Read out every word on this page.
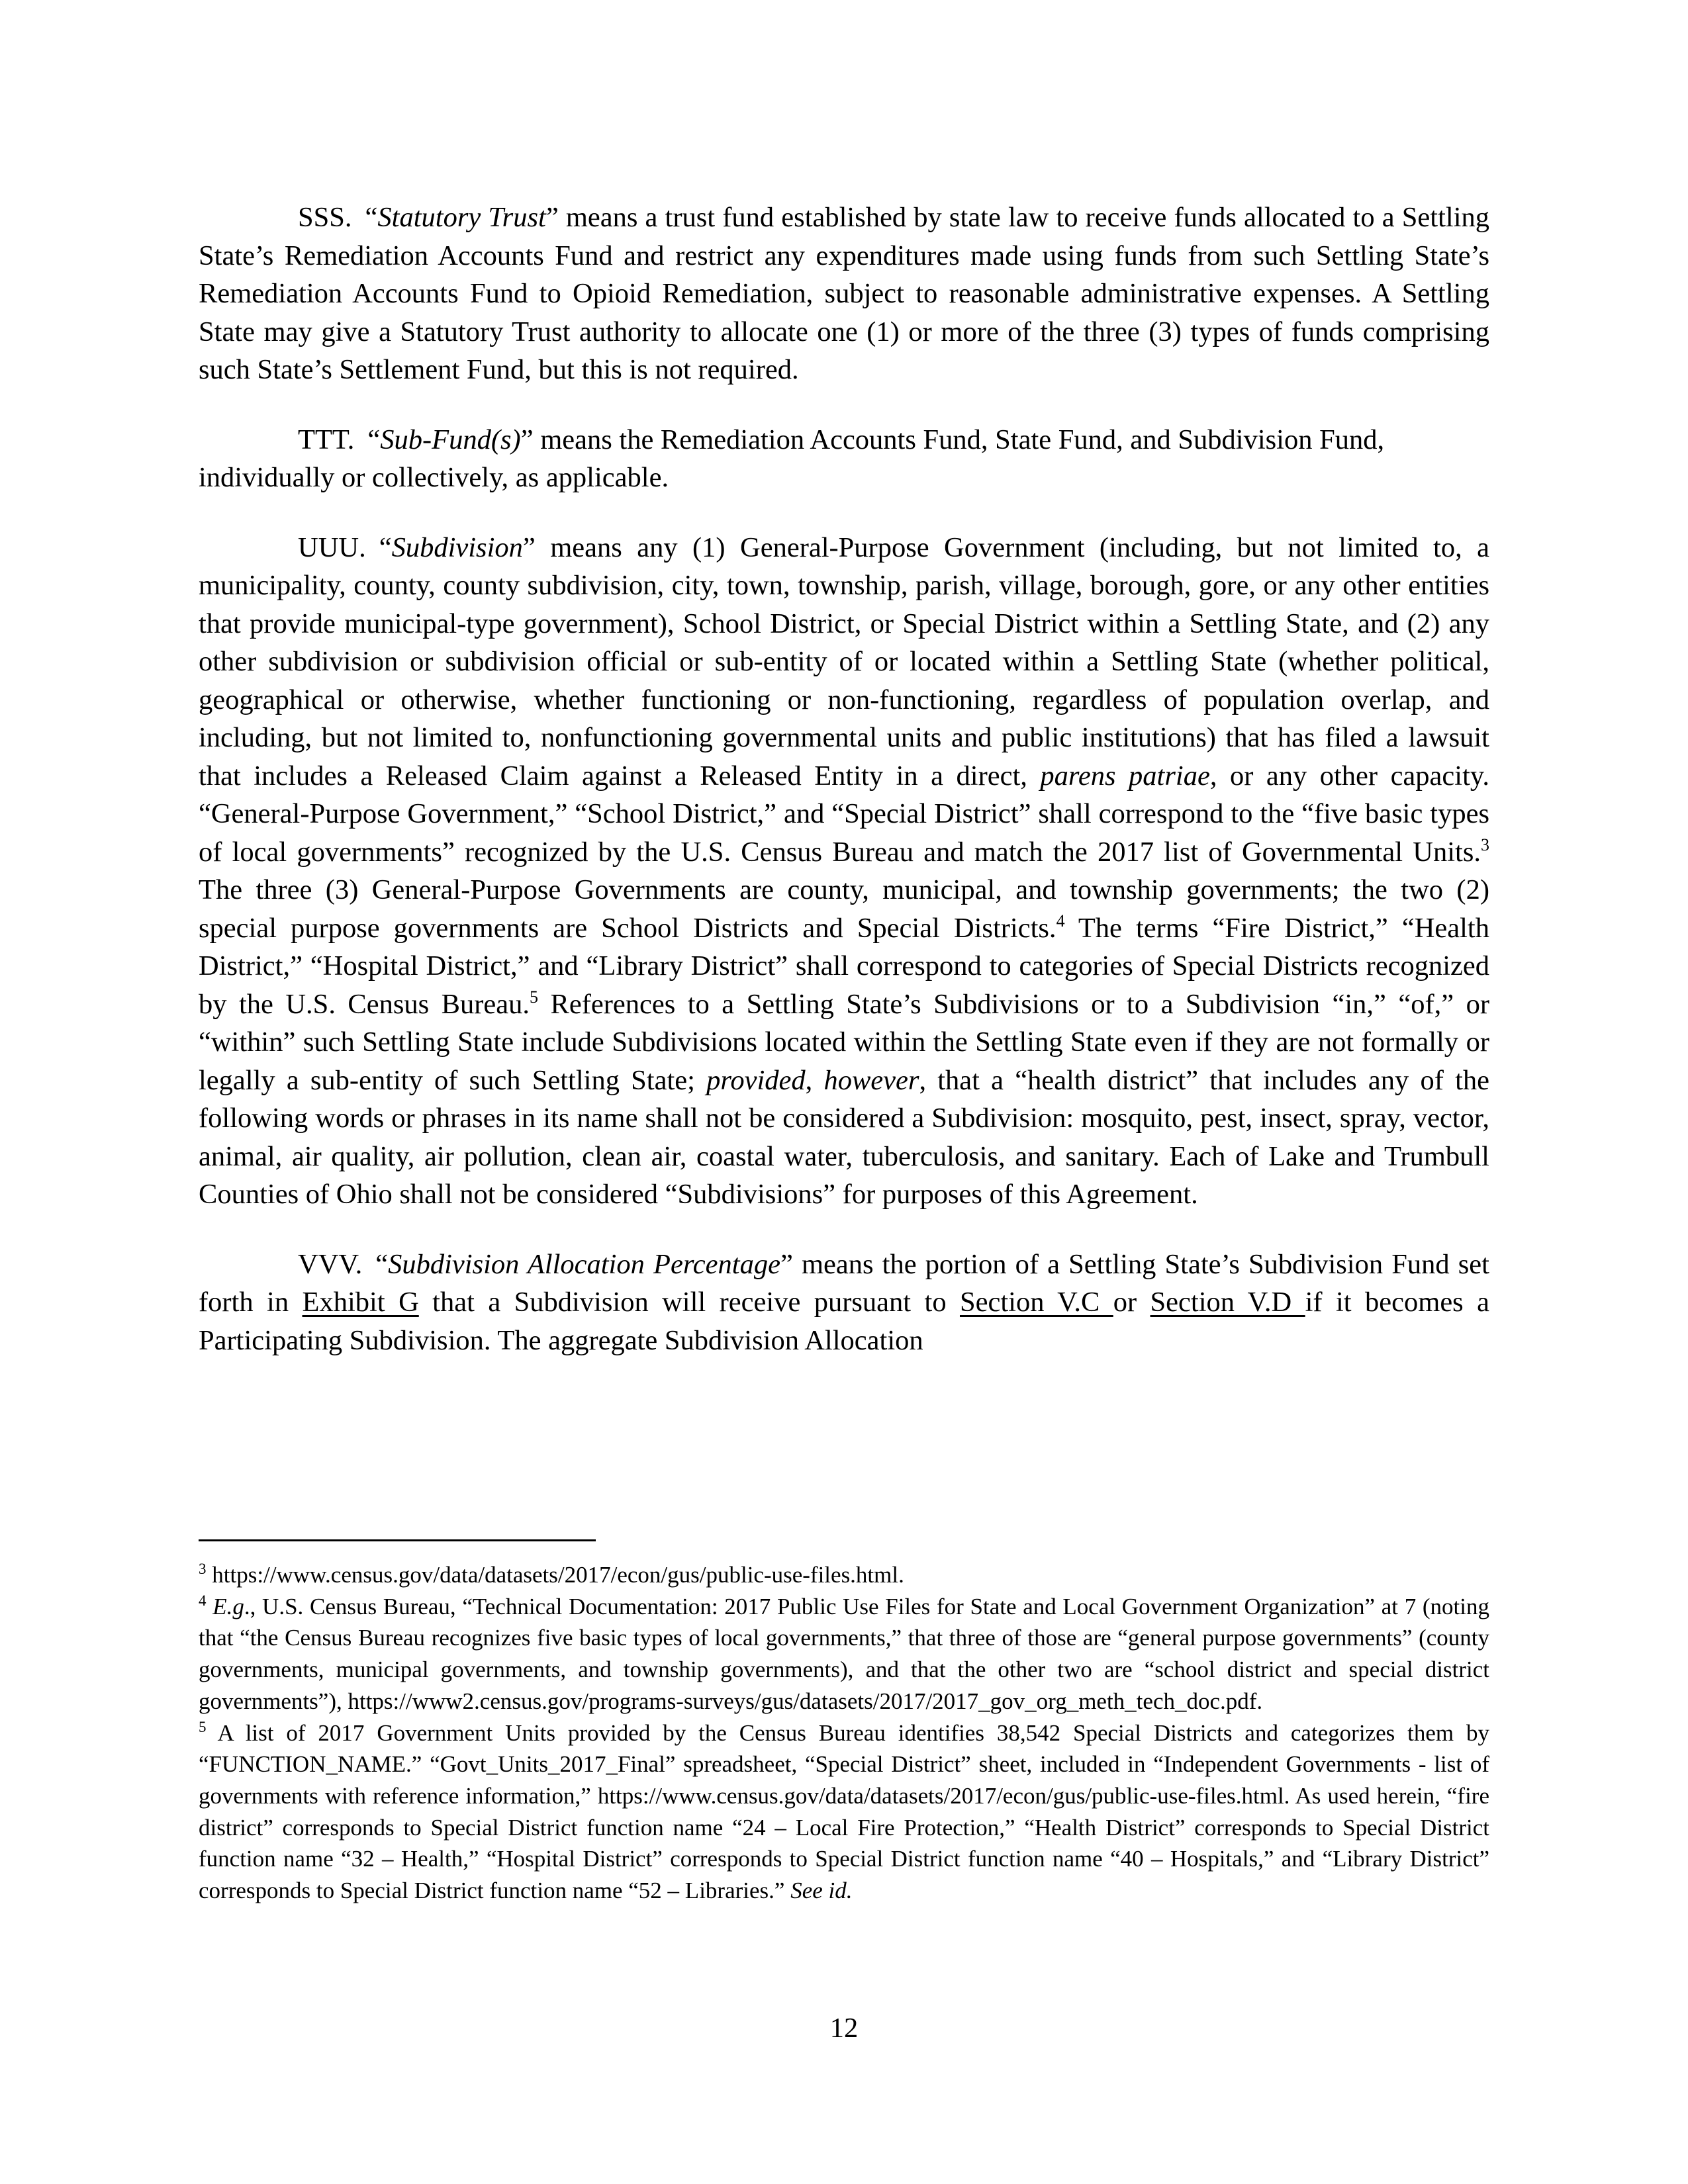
SSS. “Statutory Trust” means a trust fund established by state law to receive funds allocated to a Settling State’s Remediation Accounts Fund and restrict any expenditures made using funds from such Settling State’s Remediation Accounts Fund to Opioid Remediation, subject to reasonable administrative expenses. A Settling State may give a Statutory Trust authority to allocate one (1) or more of the three (3) types of funds comprising such State’s Settlement Fund, but this is not required.

TTT. “Sub-Fund(s)” means the Remediation Accounts Fund, State Fund, and Subdivision Fund, individually or collectively, as applicable.

UUU. “Subdivision” means any (1) General-Purpose Government (including, but not limited to, a municipality, county, county subdivision, city, town, township, parish, village, borough, gore, or any other entities that provide municipal-type government), School District, or Special District within a Settling State, and (2) any other subdivision or subdivision official or sub-entity of or located within a Settling State (whether political, geographical or otherwise, whether functioning or non-functioning, regardless of population overlap, and including, but not limited to, nonfunctioning governmental units and public institutions) that has filed a lawsuit that includes a Released Claim against a Released Entity in a direct, parens patriae, or any other capacity. “General-Purpose Government,” “School District,” and “Special District” shall correspond to the “five basic types of local governments” recognized by the U.S. Census Bureau and match the 2017 list of Governmental Units.$^3$ The three (3) General-Purpose Governments are county, municipal, and township governments; the two (2) special purpose governments are School Districts and Special Districts.$^4$ The terms “Fire District,” “Health District,” “Hospital District,” and “Library District” shall correspond to categories of Special Districts recognized by the U.S. Census Bureau.$^5$ References to a Settling State’s Subdivisions or to a Subdivision “in,” “of,” or “within” such Settling State include Subdivisions located within the Settling State even if they are not formally or legally a sub-entity of such Settling State; provided, however, that a “health district” that includes any of the following words or phrases in its name shall not be considered a Subdivision: mosquito, pest, insect, spray, vector, animal, air quality, air pollution, clean air, coastal water, tuberculosis, and sanitary. Each of Lake and Trumbull Counties of Ohio shall not be considered “Subdivisions” for purposes of this Agreement.

VVV. “Subdivision Allocation Percentage” means the portion of a Settling State’s Subdivision Fund set forth in Exhibit G that a Subdivision will receive pursuant to Section V.C or Section V.D if it becomes a Participating Subdivision. The aggregate Subdivision Allocation

$^3$ https://www.census.gov/data/datasets/2017/econ/gus/public-use-files.html.

$^4$ E.g., U.S. Census Bureau, “Technical Documentation: 2017 Public Use Files for State and Local Government Organization” at 7 (noting that “the Census Bureau recognizes five basic types of local governments,” that three of those are “general purpose governments” (county governments, municipal governments, and township governments), and that the other two are “school district and special district governments”), https://www2.census.gov/programs-surveys/gus/datasets/2017/2017_gov_org_meth_tech_doc.pdf.

$^5$ A list of 2017 Government Units provided by the Census Bureau identifies 38,542 Special Districts and categorizes them by “FUNCTION_NAME.” “Govt_Units_2017_Final” spreadsheet, “Special District” sheet, included in “Independent Governments - list of governments with reference information,” https://www.census.gov/data/datasets/2017/econ/gus/public-use-files.html. As used herein, “fire district” corresponds to Special District function name “24 – Local Fire Protection,” “Health District” corresponds to Special District function name “32 – Health,” “Hospital District” corresponds to Special District function name “40 – Hospitals,” and “Library District” corresponds to Special District function name “52 – Libraries.” See id.

12
